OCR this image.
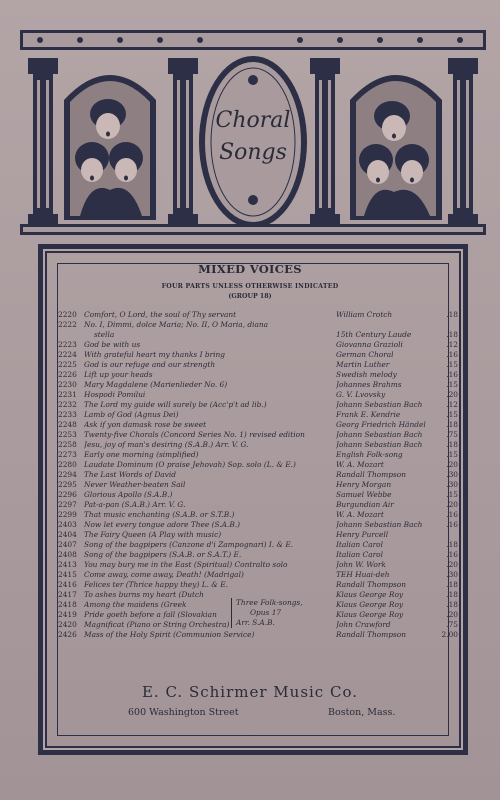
Choral
Songs
MIXED VOICES
FOUR PARTS UNLESS OTHERWISE INDICATED
(GROUP 18)
2220 Comfort, O Lord, the soul of Thy servant	William Crotch	.18
2222 No. I, Dimmi, dolce Maria; No. II, O Maria, diana
stella	15th Century Laude	.18
2223 God be with us	Giovanna Grazioli	.12
2224 With grateful heart my thanks I bring	German Choral	.16
2225 God is our refuge and our strength	Martin Luther	.15
2226 Lift up your heads	Swedish melody	.16
2230 Mary Magdalene (Marienlieder No. 6)	Johannes Brahms	.15
2231 Hospodi Pomilui	G. V. Lvovsky	.20
2232 The Lord my guide will surely be (Acc'p't ad lib.)	Johann Sebastian Bach	.12
2233 Lamb of God (Agnus Dei)	Frank E. Kendrie	.15
2248 Ask if yon damask rose be sweet	Georg Friedrich Händel	.18
2253 Twenty-five Chorals (Concord Series No. 1) revised edition	Johann Sebastian Bach	.75
2258 Jesu, joy of man's desiring (S.A.B.) Arr. V. G.	Johann Sebastian Bach	.18
2273 Early one morning (simplified)	English Folk-song	.15
2280 Laudate Dominum (O praise Jehovah) Sop. solo (L. & E.)	W. A. Mozart	.20
2294 The Last Words of David	Randall Thompson	.30
2295 Never Weather-beaten Sail	Henry Morgan	.30
2296 Glorious Apollo (S.A.B.)	Samuel Webbe	.15
2297 Pat-a-pan (S.A.B.) Arr. V. G.	Burgundian Air	.20
2299 That music enchanting (S.A.B. or S.T.B.)	W. A. Mozart	.16
2403 Now let every tongue adore Thee (S.A.B.)	Johann Sebastian Bach	.16
2404 The Fairy Queen (A Play with music)	Henry Purcell
2407 Song of the bagpipers (Canzone d'i Zampognari) I. & E.	Italian Carol	.18
2408 Song of the bagpipers (S.A.B. or S.A.T.) E.	Italian Carol	.16
2413 You may bury me in the East (Spiritual) Contralto solo	John W. Work	.20
2415 Come away, come away, Death! (Madrigal)	TEH Huai-deh	.30
2416 Felices ter (Thrice happy they) L. & E.	Randall Thompson	.18
2417 To ashes burns my heart (Dutch	Klaus George Roy	.18
2418 Among the maidens (Greek	Klaus George Roy	.18
2419 Pride goeth before a fall (Slovakian	Klaus George Roy	.20
2420 Magnificat (Piano or String Orchestra)	John Crawford	.75
2426 Mass of the Holy Spirit (Communion Service)	Randall Thompson	2.00
Three Folk-songs,
Opus 17
Arr. S.A.B.
E. C. Schirmer Music Co.
600 Washington Street	Boston, Mass.
